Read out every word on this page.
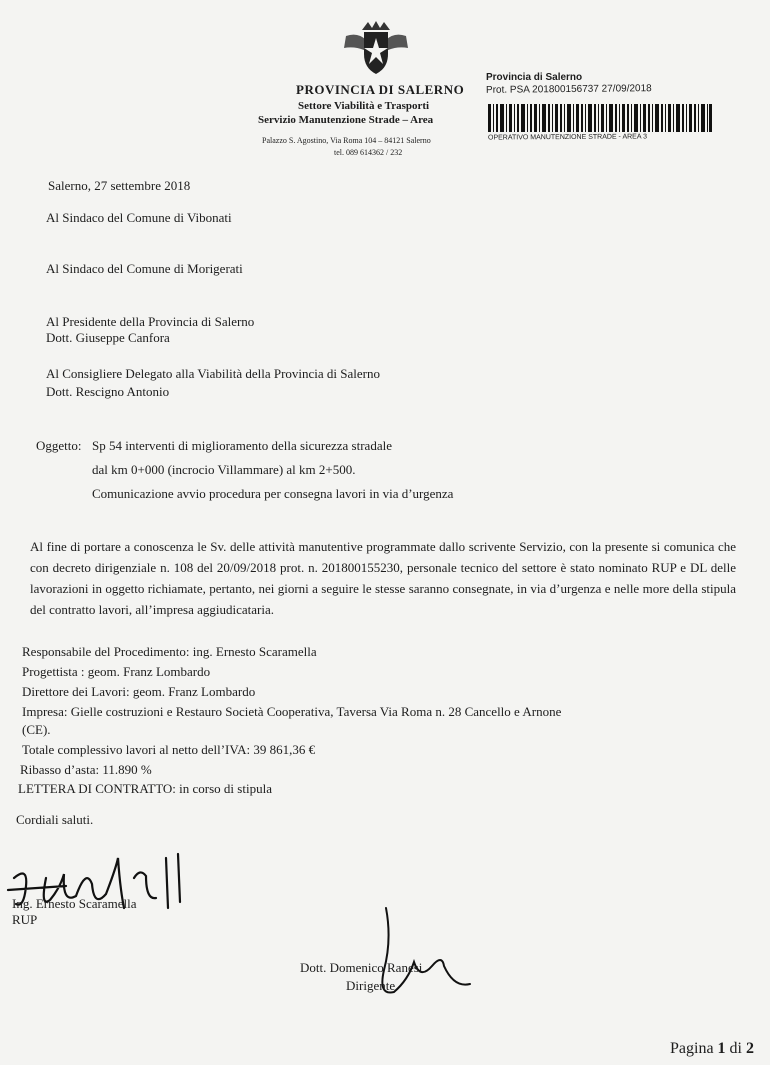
PROVINCIA DI SALERNO
Settore Viabilità e Trasporti
Servizio Manutenzione Strade – Area
Palazzo S. Agostino, Via Roma 104 – 84121 Salerno
tel. 089 614362 / 232
Provincia di Salerno
Prot. PSA 201800156737 27/09/2018
OPERATIVO MANUTENZIONE STRADE - AREA 3
Salerno, 27 settembre 2018
Al Sindaco del Comune di Vibonati
Al Sindaco del Comune di Morigerati
Al Presidente della Provincia di Salerno
Dott. Giuseppe Canfora
Al Consigliere Delegato alla Viabilità della Provincia di Salerno
Dott. Rescigno Antonio
Oggetto: Sp 54 interventi di miglioramento della sicurezza stradale
dal km 0+000 (incrocio Villammare) al km 2+500.
Comunicazione avvio procedura per consegna lavori in via d’urgenza
Al fine di portare a conoscenza le Sv. delle attività manutentive programmate dallo scrivente Servizio, con la presente si comunica che con decreto dirigenziale n. 108 del 20/09/2018 prot. n. 201800155230, personale tecnico del settore è stato nominato RUP e DL delle lavorazioni in oggetto richiamate, pertanto, nei giorni a seguire le stesse saranno consegnate, in via d’urgenza e nelle more della stipula del contratto lavori, all’impresa aggiudicataria.
Responsabile del Procedimento: ing. Ernesto Scaramella
Progettista : geom. Franz Lombardo
Direttore dei Lavori: geom. Franz Lombardo
Impresa: Gielle costruzioni e Restauro Società Cooperativa, Taversa Via Roma n. 28 Cancello e Arnone
(CE).
Totale complessivo lavori al netto dell’IVA: 39 861,36 €
Ribasso d’asta: 11.890 %
LETTERA DI CONTRATTO: in corso di stipula
Cordiali saluti.
Ing. Ernesto Scaramella
RUP
Dott. Domenico Ranesi
Dirigente
Pagina 1 di 2
